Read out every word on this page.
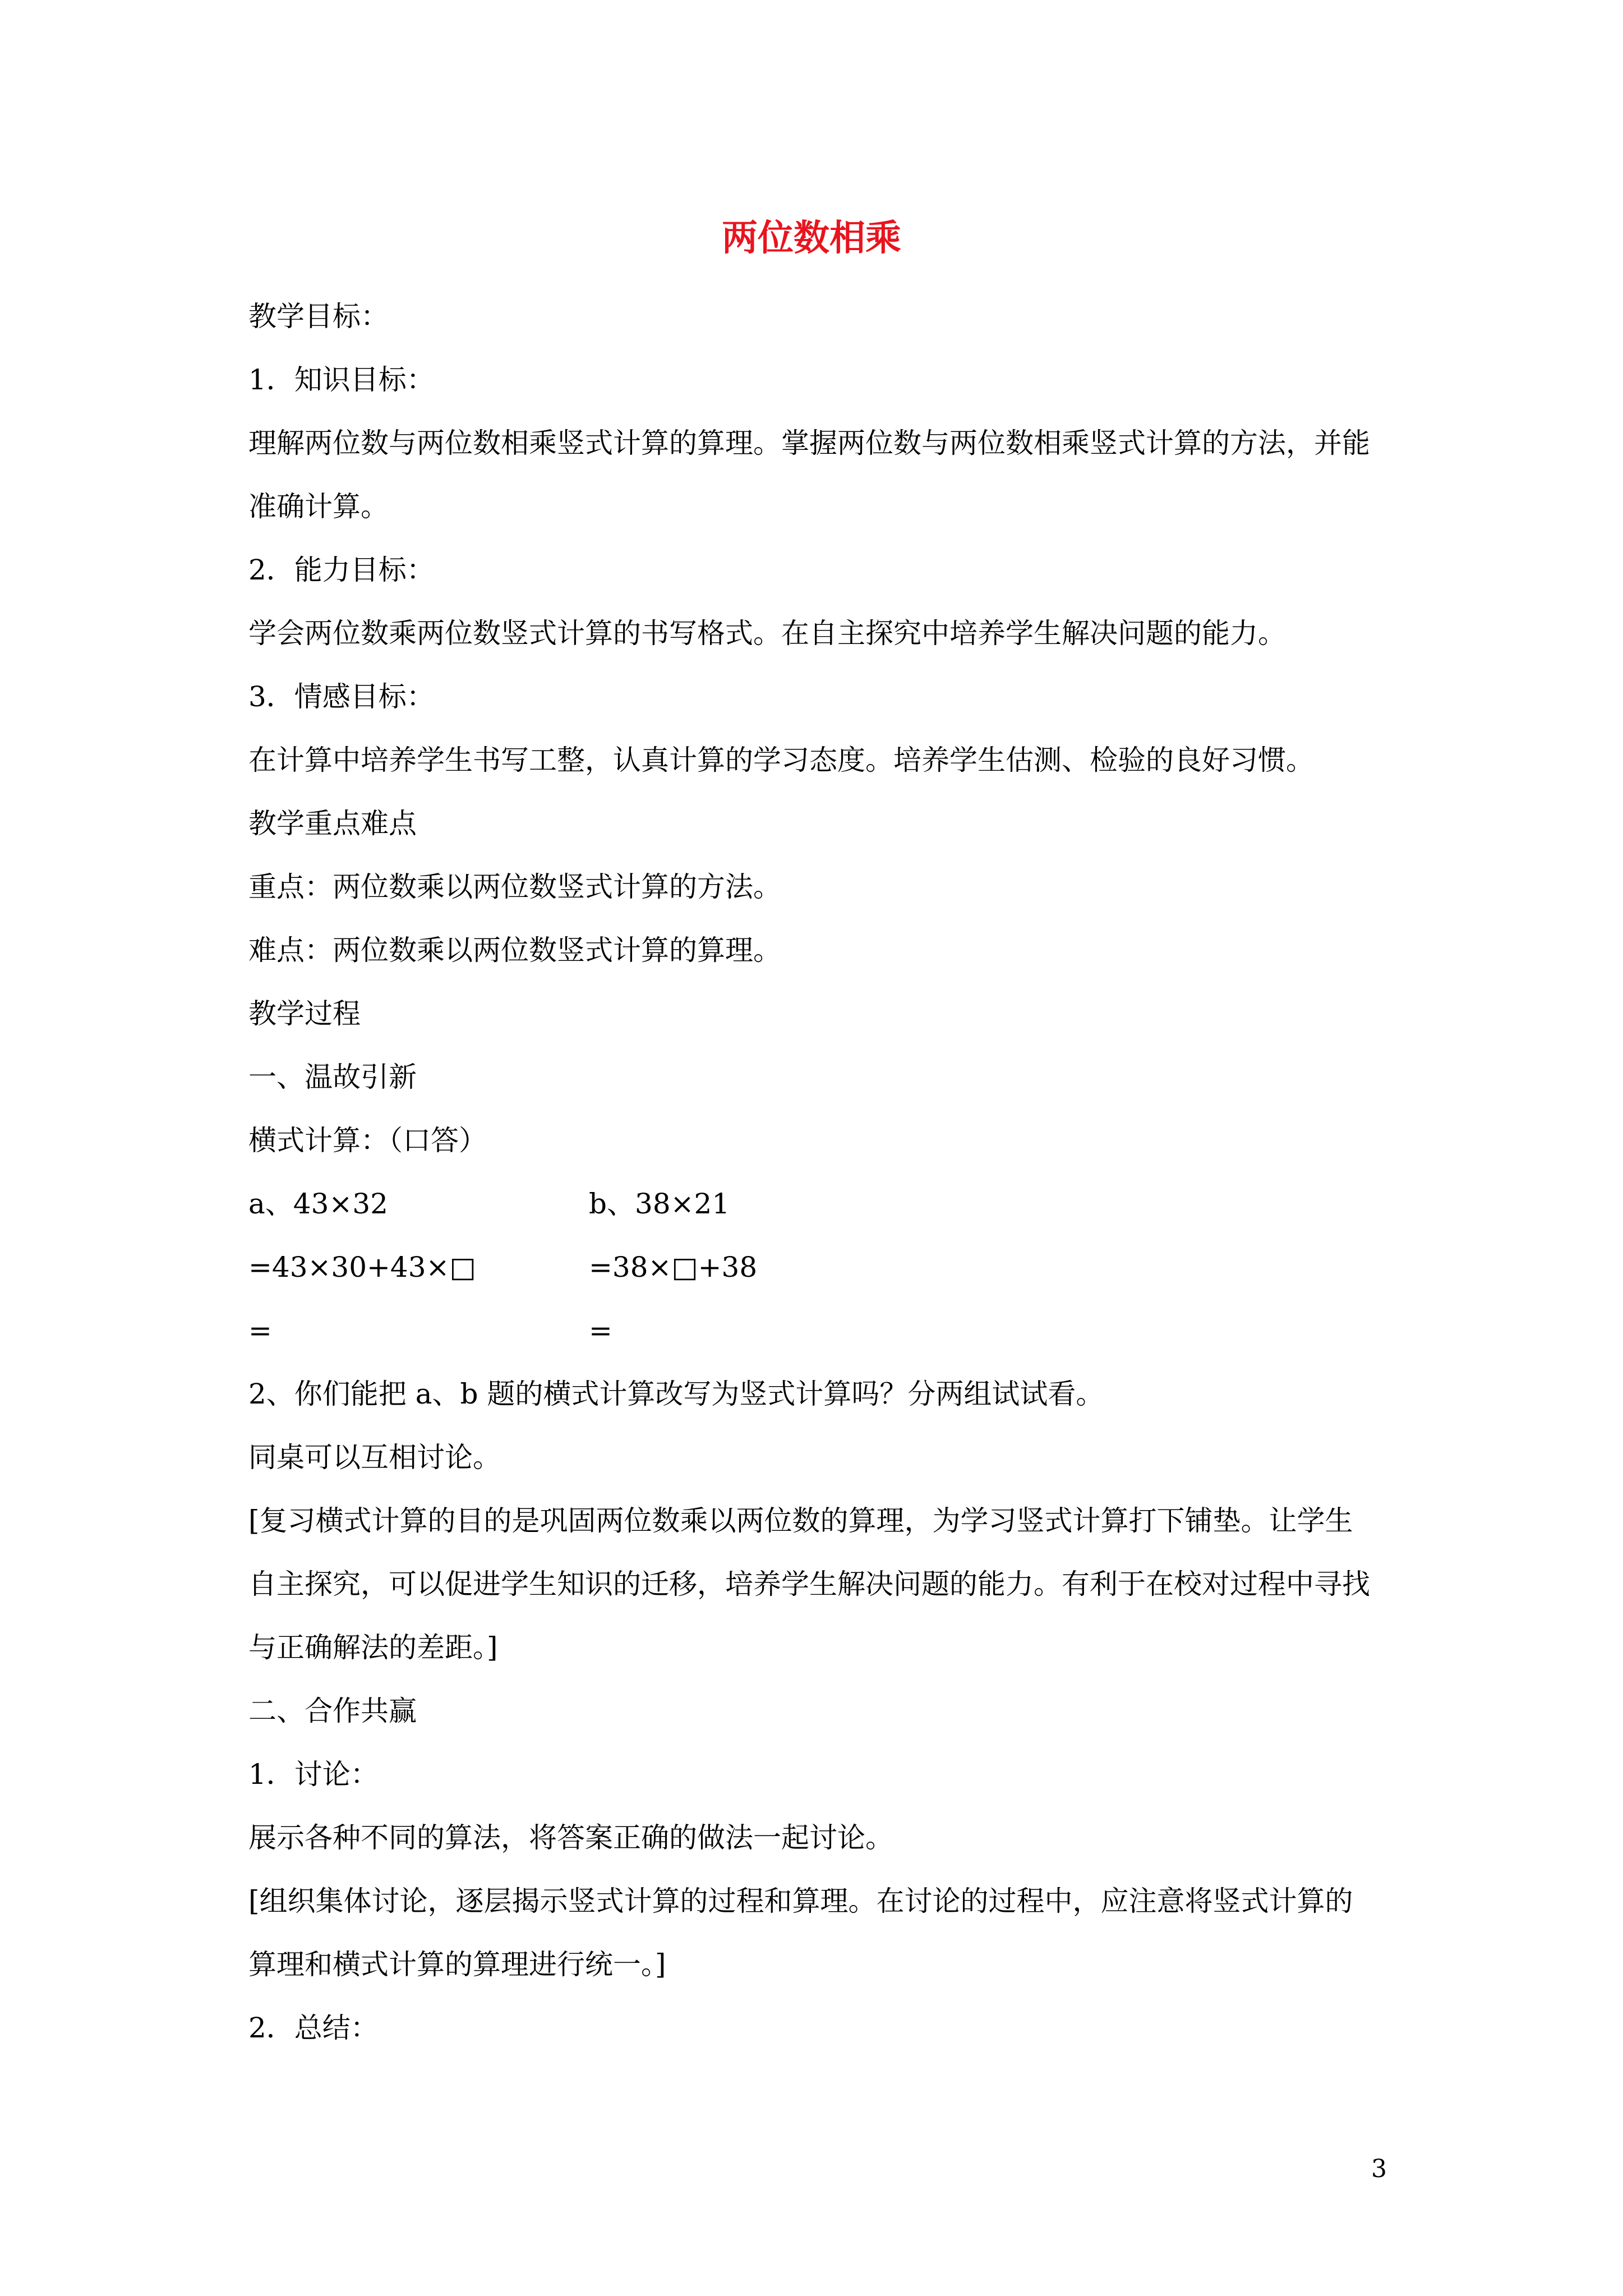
两位数相乘

教学目标：

1．知识目标：

理解两位数与两位数相乘竖式计算的算理。掌握两位数与两位数相乘竖式计算的方法，并能

准确计算。

2．能力目标：

学会两位数乘两位数竖式计算的书写格式。在自主探究中培养学生解决问题的能力。

3．情感目标：

在计算中培养学生书写工整，认真计算的学习态度。培养学生估测、检验的良好习惯。

教学重点难点

重点：两位数乘以两位数竖式计算的方法。

难点：两位数乘以两位数竖式计算的算理。

教学过程

一、温故引新

横式计算：（口答）

a、43×32

=43×30+43×□

=

b、38×21

=38×□+38

=

2、你们能把 a、b 题的横式计算改写为竖式计算吗？分两组试试看。

同桌可以互相讨论。

[复习横式计算的目的是巩固两位数乘以两位数的算理，为学习竖式计算打下铺垫。让学生

自主探究，可以促进学生知识的迁移，培养学生解决问题的能力。有利于在校对过程中寻找

与正确解法的差距。]

二、合作共赢

1．讨论：

展示各种不同的算法，将答案正确的做法一起讨论。

[组织集体讨论，逐层揭示竖式计算的过程和算理。在讨论的过程中，应注意将竖式计算的

算理和横式计算的算理进行统一。]

2．总结：

3
